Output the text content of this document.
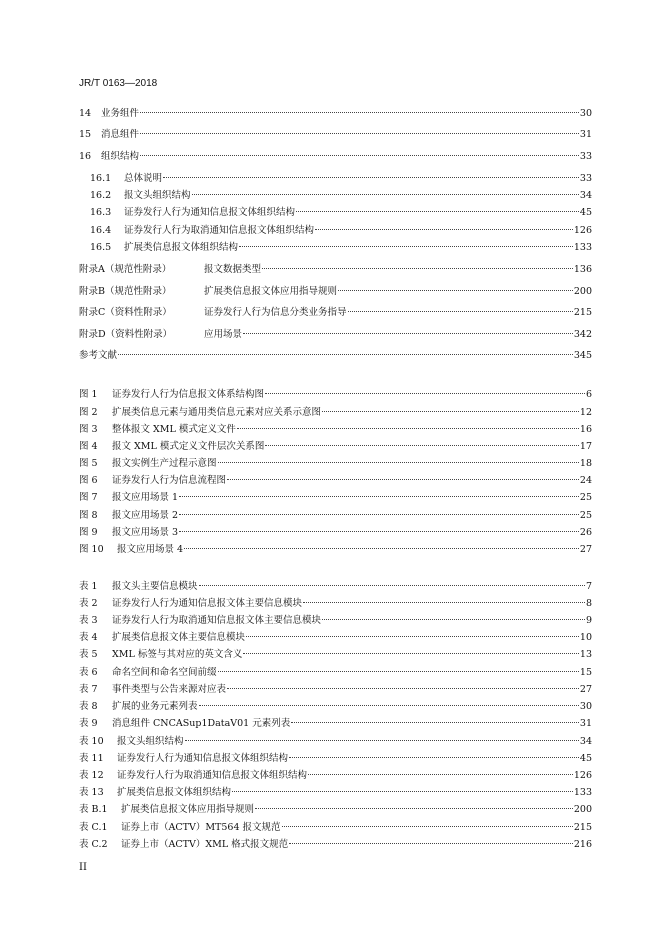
JR/T 0163—2018
14	业务组件	30
15	消息组件	31
16	组织结构	33
16.1	总体说明	33
16.2	报文头组织结构	34
16.3	证券发行人行为通知信息报文体组织结构	45
16.4	证券发行人行为取消通知信息报文体组织结构	126
16.5	扩展类信息报文体组织结构	133
附录A（规范性附录）	报文数据类型	136
附录B（规范性附录）	扩展类信息报文体应用指导规则	200
附录C（资料性附录）	证券发行人行为信息分类业务指导	215
附录D（资料性附录）	应用场景	342
参考文献	345
图 1	证券发行人行为信息报文体系结构图	6
图 2	扩展类信息元素与通用类信息元素对应关系示意图	12
图 3	整体报文 XML 模式定义文件	16
图 4	报文 XML 模式定义文件层次关系图	17
图 5	报文实例生产过程示意图	18
图 6	证券发行人行为信息流程图	24
图 7	报文应用场景 1	25
图 8	报文应用场景 2	25
图 9	报文应用场景 3	26
图 10	报文应用场景 4	27
表 1	报文头主要信息模块	7
表 2	证券发行人行为通知信息报文体主要信息模块	8
表 3	证券发行人行为取消通知信息报文体主要信息模块	9
表 4	扩展类信息报文体主要信息模块	10
表 5	XML 标签与其对应的英文含义	13
表 6	命名空间和命名空间前缀	15
表 7	事件类型与公告来源对应表	27
表 8	扩展的业务元素列表	30
表 9	消息组件 CNCASup1DataV01 元素列表	31
表 10	报文头组织结构	34
表 11	证券发行人行为通知信息报文体组织结构	45
表 12	证券发行人行为取消通知信息报文体组织结构	126
表 13	扩展类信息报文体组织结构	133
表 B.1	扩展类信息报文体应用指导规则	200
表 C.1	证券上市（ACTV）MT564 报文规范	215
表 C.2	证券上市（ACTV）XML 格式报文规范	216
II
